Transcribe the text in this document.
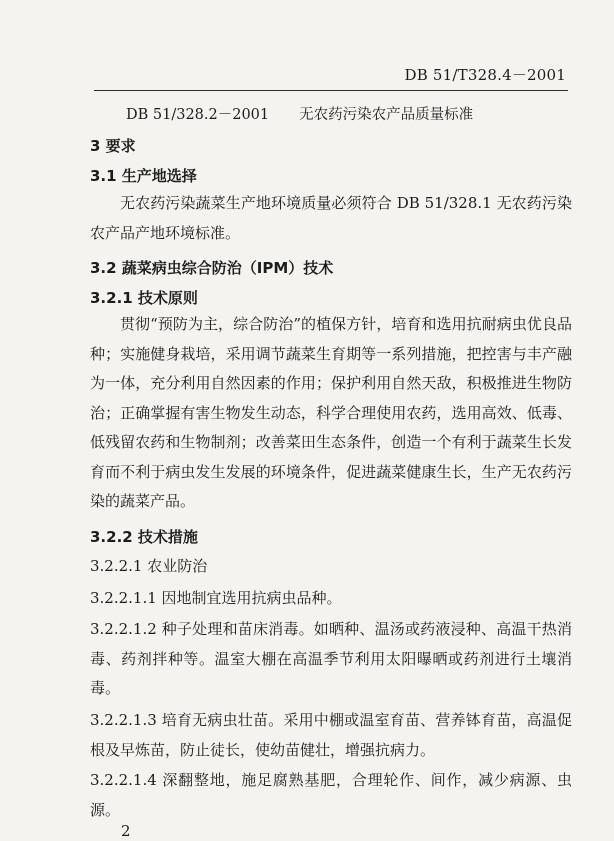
DB 51/T328.4－2001
DB 51/328.2－2001 无农药污染农产品质量标准
3 要求
3.1 生产地选择
无农药污染蔬菜生产地环境质量必须符合 DB 51/328.1 无农药污染农产品产地环境标准。
3.2 蔬菜病虫综合防治（IPM）技术
3.2.1 技术原则
贯彻“预防为主，综合防治”的植保方针，培育和选用抗耐病虫优良品种；实施健身栽培，采用调节蔬菜生育期等一系列措施，把控害与丰产融为一体，充分利用自然因素的作用；保护利用自然天敌，积极推进生物防治；正确掌握有害生物发生动态，科学合理使用农药，选用高效、低毒、低残留农药和生物制剂；改善菜田生态条件，创造一个有利于蔬菜生长发育而不利于病虫发生发展的环境条件，促进蔬菜健康生长，生产无农药污染的蔬菜产品。
3.2.2 技术措施
3.2.2.1 农业防治
3.2.2.1.1 因地制宜选用抗病虫品种。
3.2.2.1.2 种子处理和苗床消毒。如晒种、温汤或药液浸种、高温干热消毒、药剂拌种等。温室大棚在高温季节利用太阳曝晒或药剂进行土壤消毒。
3.2.2.1.3 培育无病虫壮苗。采用中棚或温室育苗、营养钵育苗，高温促根及早炼苗，防止徒长，使幼苗健壮，增强抗病力。
3.2.2.1.4 深翻整地，施足腐熟基肥，合理轮作、间作，减少病源、虫源。
2
